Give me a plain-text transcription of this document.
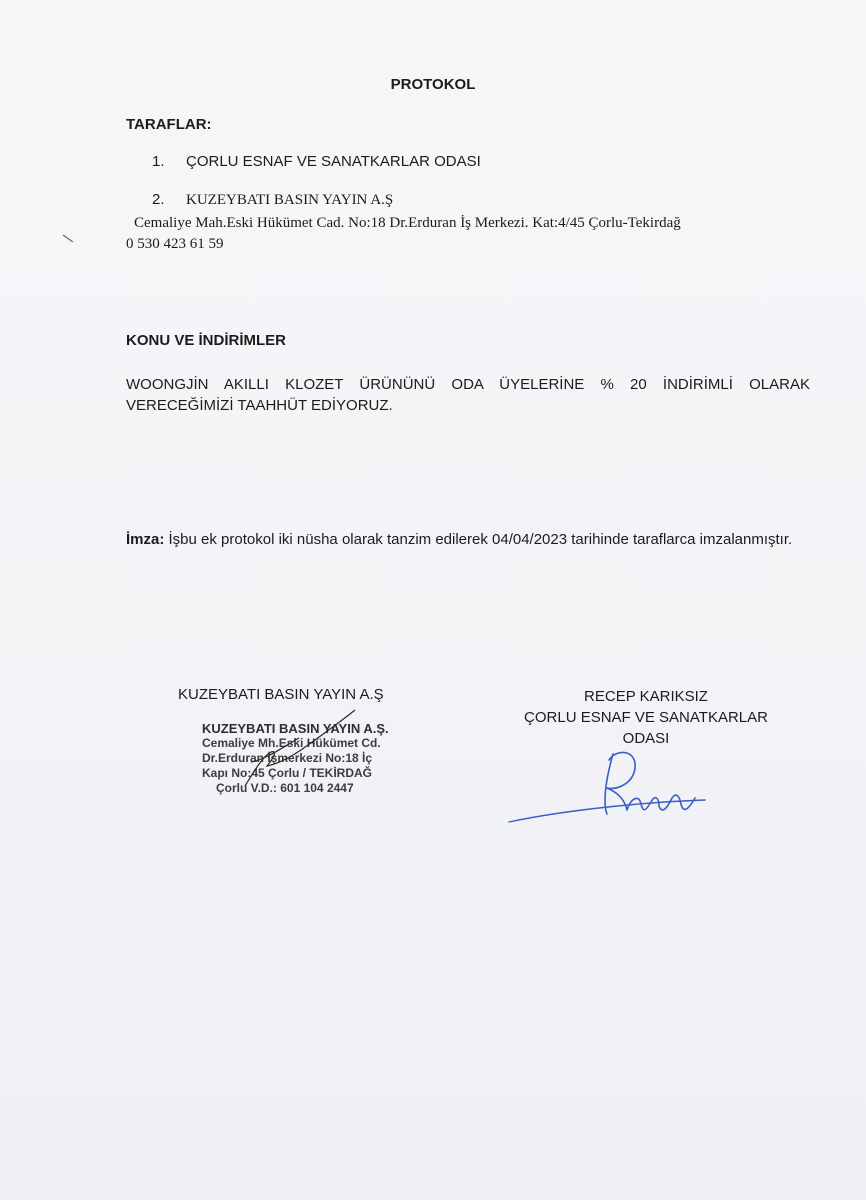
PROTOKOL
TARAFLAR:
1. ÇORLU ESNAF VE SANATKARLAR ODASI
2. KUZEYBATI BASIN YAYIN A.Ş
Cemaliye Mah.Eski Hükümet Cad. No:18 Dr.Erduran İş Merkezi. Kat:4/45 Çorlu-Tekirdağ
0 530 423 61 59
KONU VE İNDİRİMLER
WOONGJİN AKILLI KLOZET ÜRÜNÜNÜ ODA ÜYELERİNE % 20 İNDİRİMLİ OLARAK VERECEĞİMİZİ TAAHHÜT EDİYORUZ.
İmza: İşbu ek protokol iki nüsha olarak tanzim edilerek 04/04/2023 tarihinde taraflarca imzalanmıştır.
KUZEYBATI BASIN YAYIN A.Ş
KUZEYBATI BASIN YAYIN A.Ş.
Cemaliye Mh.Eski Hükümet Cd.
Dr.Erduran İşmerkezi No:18 İç
Kapı No:45 Çorlu / TEKİRDAĞ
Çorlu V.D.: 601 104 2447
RECEP KARIKSIZ
ÇORLU ESNAF VE SANATKARLAR
ODASI
